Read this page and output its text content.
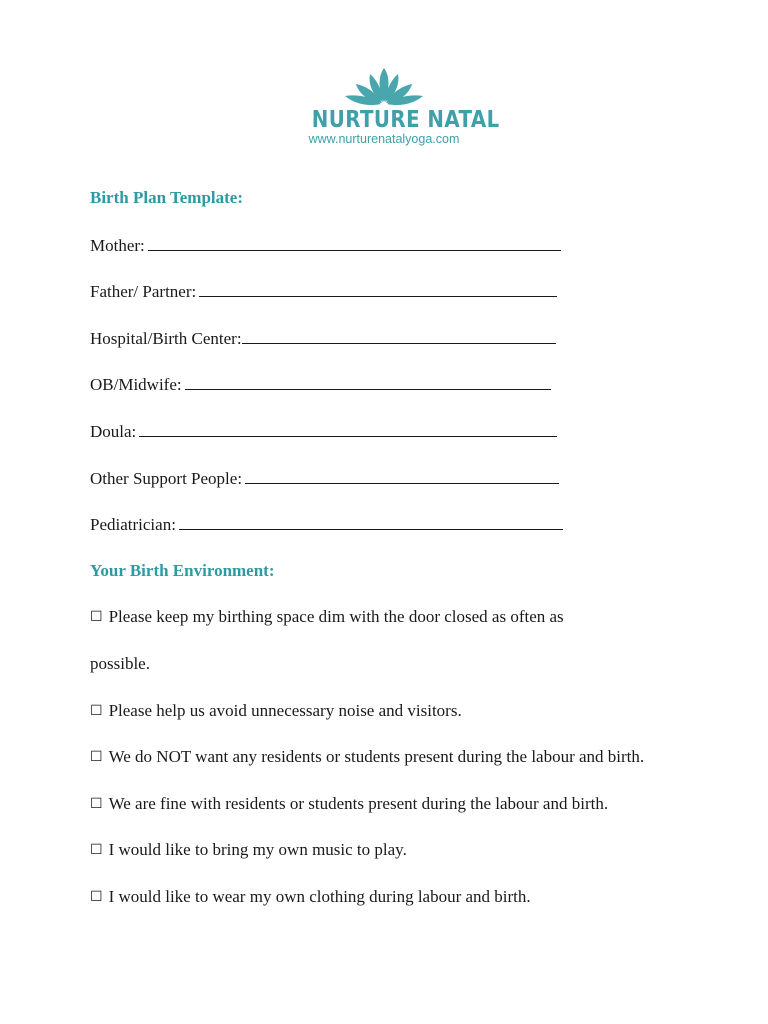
NURTURE NATAL
www.nurturenatalyoga.com
Birth Plan Template:
Mother:
Father/ Partner:
Hospital/Birth Center:
OB/Midwife:
Doula:
Other Support People:
Pediatrician:
Your Birth Environment:
☐ Please keep my birthing space dim with the door closed as often as
possible.
☐ Please help us avoid unnecessary noise and visitors.
☐ We do NOT want any residents or students present during the labour and birth.
☐ We are fine with residents or students present during the labour and birth.
☐ I would like to bring my own music to play.
☐ I would like to wear my own clothing during labour and birth.
